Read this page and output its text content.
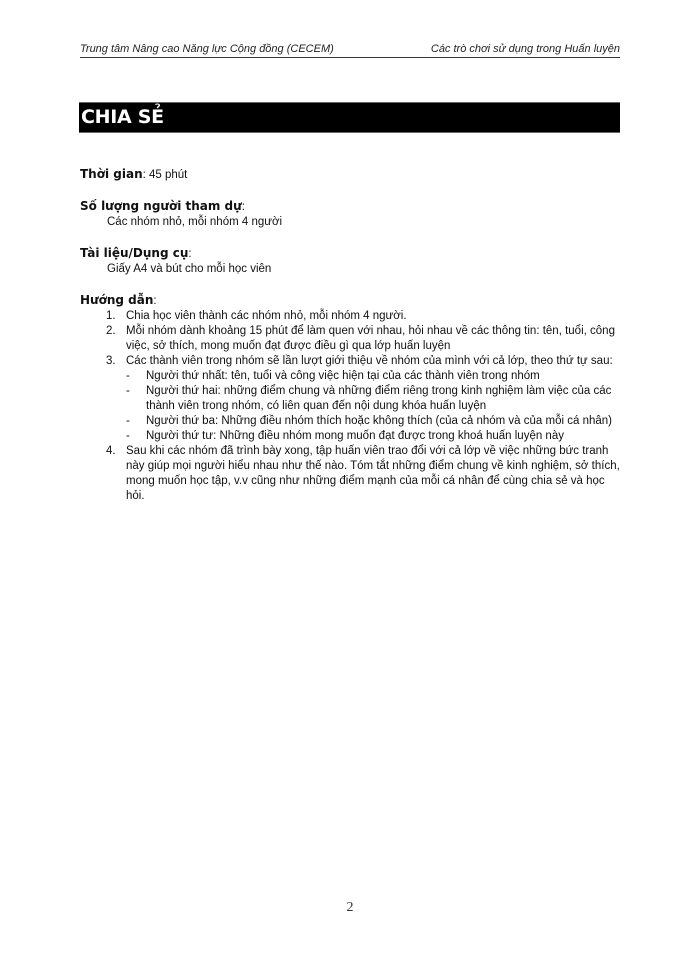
Trung tâm Nâng cao Năng lực Cộng đồng (CECEM)	Các trò chơi sử dụng trong Huấn luyện
CHIA SẺ
Thời gian: 45 phút
Số lượng người tham dự:
Các nhóm nhỏ, mỗi nhóm 4 người
Tài liệu/Dụng cụ:
Giấy A4 và bút cho mỗi học viên
Hướng dẫn:
1. Chia học viên thành các nhóm nhỏ, mỗi nhóm 4 người.
2. Mỗi nhóm dành khoảng 15 phút để làm quen với nhau, hỏi nhau về các thông tin: tên, tuổi, công việc, sở thích, mong muốn đạt được điều gì qua lớp huấn luyện
3. Các thành viên trong nhóm sẽ lần lượt giới thiệu về nhóm của mình với cả lớp, theo thứ tự sau:
- Người thứ nhất: tên, tuổi và công việc hiện tại của các thành viên trong nhóm
- Người thứ hai: những điểm chung và những điểm riêng trong kinh nghiệm làm việc của các thành viên trong nhóm, có liên quan đến nội dung khóa huấn luyện
- Người thứ ba: Những điều nhóm thích hoặc không thích (của cả nhóm và của mỗi cá nhân)
- Người thứ tư: Những điều nhóm mong muốn đạt được trong khoá huấn luyện này
4. Sau khi các nhóm đã trình bày xong, tập huấn viên trao đổi với cả lớp về việc những bức tranh này giúp mọi người hiểu nhau như thế nào. Tóm tắt những điểm chung về kinh nghiệm, sở thích, mong muốn học tập, v.v cũng như những điểm mạnh của mỗi cá nhân để cùng chia sẻ và học hỏi.
2
